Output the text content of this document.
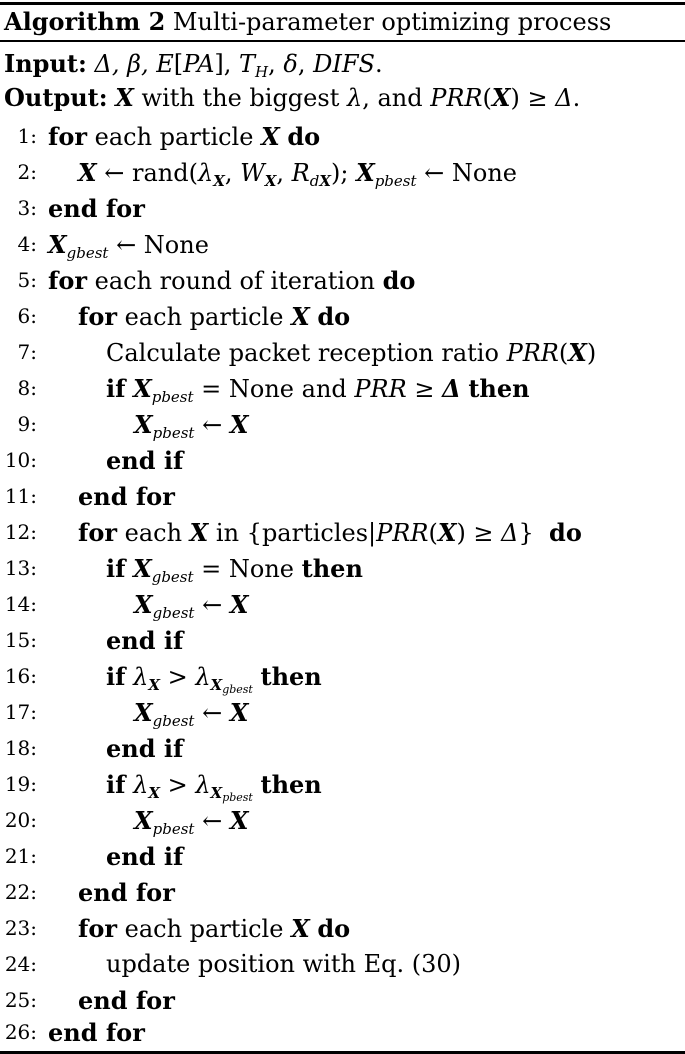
Algorithm 2 Multi-parameter optimizing process
Input: Δ, β, E[PA], $T_H$, δ, DIFS.
Output: X with the biggest λ, and PRR(X) ≥ Δ.
1: for each particle X do
2: X ← $rand(\lambda_X$, $W_X$, $R_{dX}$); $X_{pbest}$ ← None
3: end for
4: $X_{gbest}$ ← None
5: for each round of iteration do
6: for each particle X do
7:	Calculate packet reception ratio PRR(X)
8:	if $X_{pbest}$ = None and PRR ≥ Δ then
9:	$X_{pbest}$ ← X
10:	end if
11: end for
12: for each X in {particles|PRR(X) ≥ Δ}  do
13:	if $X_{gbest}$ = None then
14:	$X_{gbest}$ ← X
15:	end if
16:	if $\lambda_X > \lambda_{X_{gbest}}$ then
17:	$X_{gbest}$ ← X
18:	end if
19:	if $\lambda_X > \lambda_{X_{pbest}}$ then
20:	$X_{pbest}$ ← X
21:	end if
22: end for
23: for each particle X do
24:	update position with Eq. (30)
25: end for
26: end for
